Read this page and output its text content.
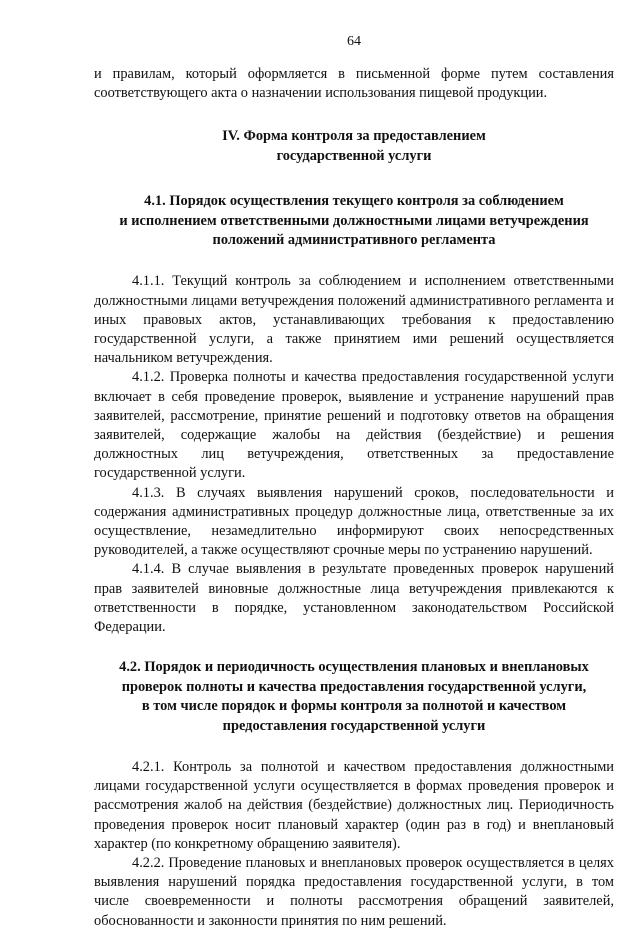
64

и правилам, который оформляется в письменной форме путем составления соответствующего акта о назначении использования пищевой продукции.

IV. Форма контроля за предоставлением
государственной услуги
4.1. Порядок осуществления текущего контроля за соблюдением
и исполнением ответственными должностными лицами ветучреждения
положений административного регламента

4.1.1. Текущий контроль за соблюдением и исполнением ответственными должностными лицами ветучреждения положений административного регламента и иных правовых актов, устанавливающих требования к предоставлению государственной услуги, а также принятием ими решений осуществляется начальником ветучреждения.

4.1.2. Проверка полноты и качества предоставления государственной услуги включает в себя проведение проверок, выявление и устранение нарушений прав заявителей, рассмотрение, принятие решений и подготовку ответов на обращения заявителей, содержащие жалобы на действия (бездействие) и решения должностных лиц ветучреждения, ответственных за предоставление государственной услуги.

4.1.3. В случаях выявления нарушений сроков, последовательности и содержания административных процедур должностные лица, ответственные за их осуществление, незамедлительно информируют своих непосредственных руководителей, а также осуществляют срочные меры по устранению нарушений.

4.1.4. В случае выявления в результате проведенных проверок нарушений прав заявителей виновные должностные лица ветучреждения привлекаются к ответственности в порядке, установленном законодательством Российской Федерации.

4.2. Порядок и периодичность осуществления плановых и внеплановых
проверок полноты и качества предоставления государственной услуги,
в том числе порядок и формы контроля за полнотой и качеством
предоставления государственной услуги

4.2.1. Контроль за полнотой и качеством предоставления должностными лицами государственной услуги осуществляется в формах проведения проверок и рассмотрения жалоб на действия (бездействие) должностных лиц. Периодичность проведения проверок носит плановый характер (один раз в год) и внеплановый характер (по конкретному обращению заявителя).

4.2.2. Проведение плановых и внеплановых проверок осуществляется в целях выявления нарушений порядка предоставления государственной услуги, в том числе своевременности и полноты рассмотрения обращений заявителей, обоснованности и законности принятия по ним решений.
